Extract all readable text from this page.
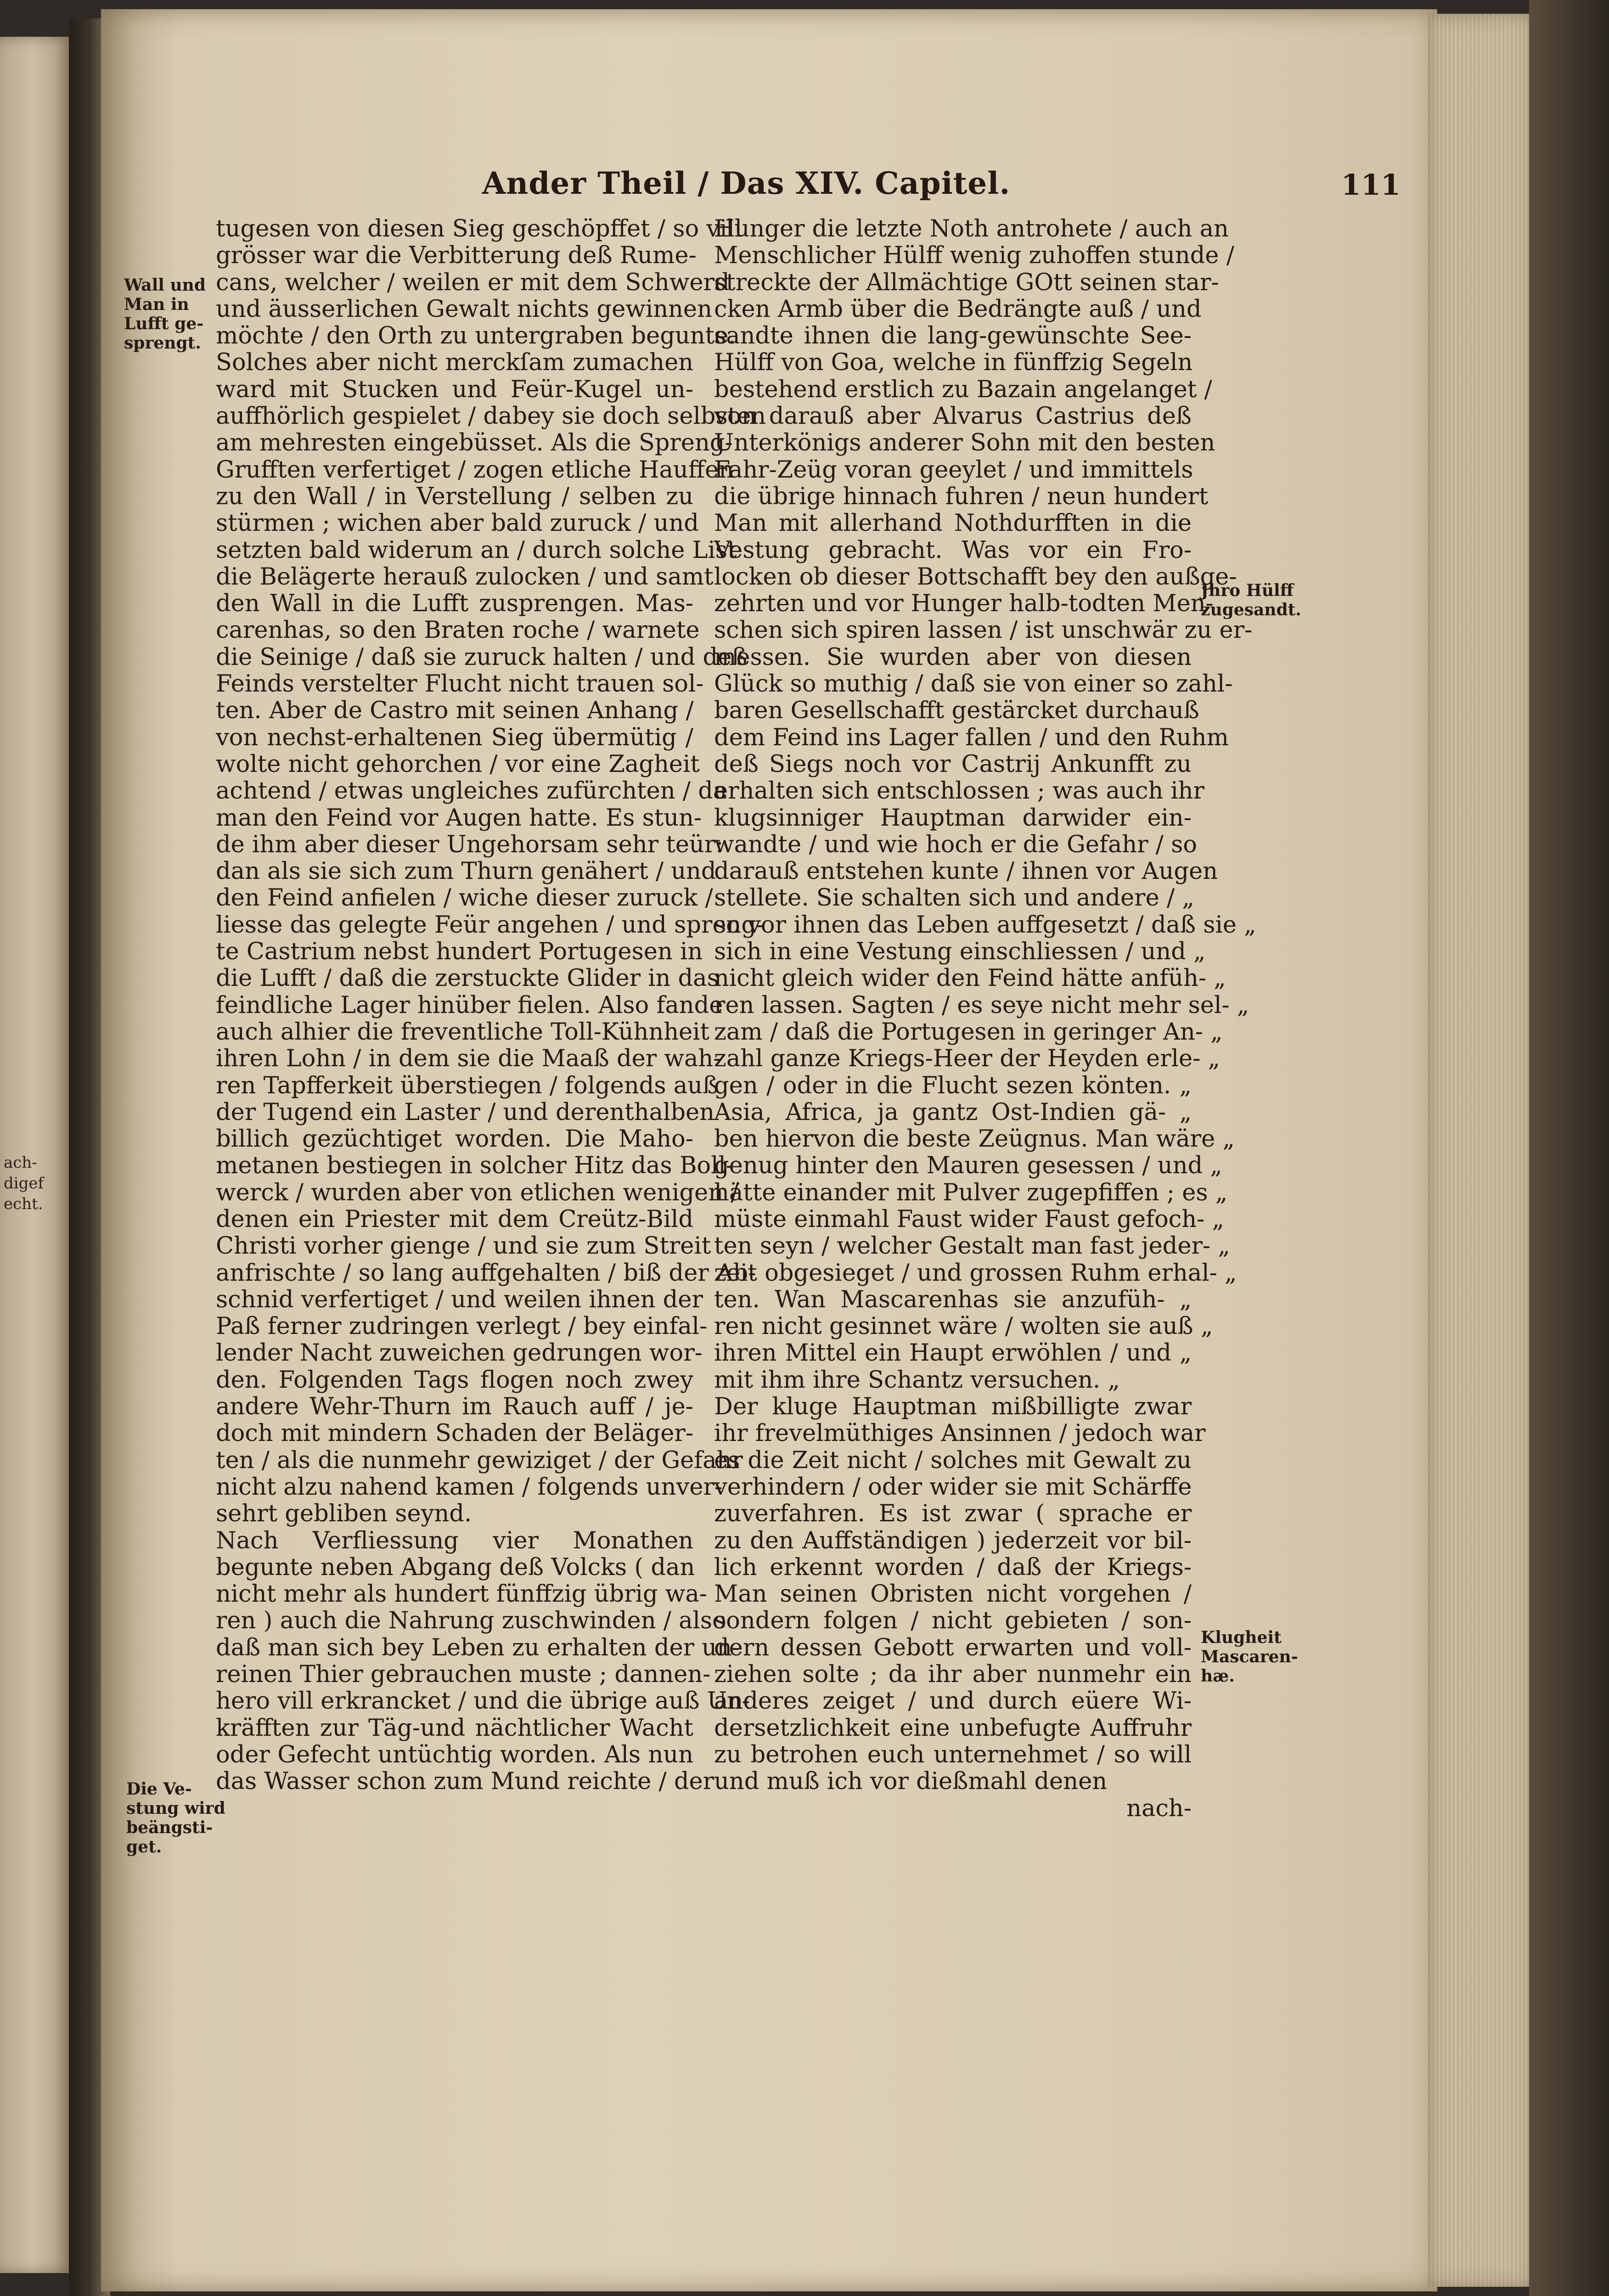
ach-
digef
echt.
Ander Theil / Das XIV. Capitel.	111
tugesen von diesen Sieg geschöpffet / so vill
grösser war die Verbitterung deß Rume-
cans, welcher / weilen er mit dem Schwerd
und äusserlichen Gewalt nichts gewinnen
möchte / den Orth zu untergraben begunte.
Solches aber nicht merckſam zumachen
ward mit Stucken und Feür-Kugel un-
auffhörlich gespielet / dabey sie doch selbsten
am mehresten eingebüsset. Als die Spreng-
Grufften verfertiget / zogen etliche Hauffen
zu den Wall / in Verstellung / selben zu
stürmen ; wichen aber bald zuruck / und
setzten bald widerum an / durch solche List
die Belägerte herauß zulocken / und samt
den Wall in die Lufft zusprengen. Mas-
carenhas, so den Braten roche / warnete
die Seinige / daß sie zuruck halten / und deß
Feinds verstelter Flucht nicht trauen sol-
ten. Aber de Castro mit seinen Anhang /
von nechst-erhaltenen Sieg übermütig /
wolte nicht gehorchen / vor eine Zagheit
achtend / etwas ungleiches zufürchten / da
man den Feind vor Augen hatte. Es stun-
de ihm aber dieser Ungehorsam sehr teür:
dan als sie sich zum Thurn genähert / und
den Feind anfielen / wiche dieser zuruck /
liesse das gelegte Feür angehen / und spreng-
te Castrium nebst hundert Portugesen in
die Lufft / daß die zerstuckte Glider in das
feindliche Lager hinüber fielen. Also fande
auch alhier die freventliche Toll-Kühnheit
ihren Lohn / in dem sie die Maaß der wah-
ren Tapfferkeit überstiegen / folgends auß
der Tugend ein Laster / und derenthalben
billich gezüchtiget worden. Die Maho-
metanen bestiegen in solcher Hitz das Boll-
werck / wurden aber von etlichen wenigen /
denen ein Priester mit dem Creütz-Bild
Christi vorher gienge / und sie zum Streit
anfrischte / so lang auffgehalten / biß der Ab-
schnid verfertiget / und weilen ihnen der
Paß ferner zudringen verlegt / bey einfal-
lender Nacht zuweichen gedrungen wor-
den. Folgenden Tags flogen noch zwey
andere Wehr-Thurn im Rauch auff / je-
doch mit mindern Schaden der Beläger-
ten / als die nunmehr gewiziget / der Gefahr
nicht alzu nahend kamen / folgends unver-
sehrt gebliben seynd.
Nach Verfliessung vier Monathen
begunte neben Abgang deß Volcks ( dan
nicht mehr als hundert fünffzig übrig wa-
ren ) auch die Nahrung zuschwinden / also
daß man sich bey Leben zu erhalten der un-
reinen Thier gebrauchen muste ; dannen-
hero vill erkrancket / und die übrige auß Un-
kräfften zur Täg-und nächtlicher Wacht
oder Gefecht untüchtig worden. Als nun
das Wasser schon zum Mund reichte / der
Hunger die letzte Noth antrohete / auch an
Menschlicher Hülff wenig zuhoffen stunde /
streckte der Allmächtige GOtt seinen star-
cken Armb über die Bedrängte auß / und
sandte ihnen die lang-gewünschte See-
Hülff von Goa, welche in fünffzig Segeln
bestehend erstlich zu Bazain angelanget /
von darauß aber Alvarus Castrius deß
Unterkönigs anderer Sohn mit den besten
Fahr-Zeüg voran geeylet / und immittels
die übrige hinnach fuhren / neun hundert
Man mit allerhand Nothdurfften in die
Vestung gebracht. Was vor ein Fro-
locken ob dieser Bottschafft bey den außge-
zehrten und vor Hunger halb-todten Men-
schen sich spiren lassen / ist unschwär zu er-
messen. Sie wurden aber von diesen
Glück so muthig / daß sie von einer so zahl-
baren Gesellschafft gestärcket durchauß
dem Feind ins Lager fallen / und den Ruhm
deß Siegs noch vor Castrij Ankunfft zu
erhalten sich entschlossen ; was auch ihr
klugsinniger Hauptman darwider ein-
wandte / und wie hoch er die Gefahr / so
darauß entstehen kunte / ihnen vor Augen
stellete. Sie schalten sich und andere / „
so vor ihnen das Leben auffgesetzt / daß sie „
sich in eine Vestung einschliessen / und „
nicht gleich wider den Feind hätte anfüh- „
ren lassen. Sagten / es seye nicht mehr sel- „
zam / daß die Portugesen in geringer An- „
zahl ganze Kriegs-Heer der Heyden erle- „
gen / oder in die Flucht sezen könten. „
Asia, Africa, ja gantz Ost-Indien gä- „
ben hiervon die beste Zeügnus. Man wäre „
genug hinter den Mauren gesessen / und „
hätte einander mit Pulver zugepfiffen ; es „
müste einmahl Faust wider Faust gefoch- „
ten seyn / welcher Gestalt man fast jeder- „
zeit obgesieget / und grossen Ruhm erhal- „
ten. Wan Mascarenhas sie anzufüh- „
ren nicht gesinnet wäre / wolten sie auß „
ihren Mittel ein Haupt erwöhlen / und „
mit ihm ihre Schantz versuchen. „
Der kluge Hauptman mißbilligte zwar
ihr frevelmüthiges Ansinnen / jedoch war
es die Zeit nicht / solches mit Gewalt zu
verhindern / oder wider sie mit Schärffe
zuverfahren. Es ist zwar ( sprache er
zu den Auffständigen ) jederzeit vor bil-
lich erkennt worden / daß der Kriegs-
Man seinen Obristen nicht vorgehen /
sondern folgen / nicht gebieten / son-
dern dessen Gebott erwarten und voll-
ziehen solte ; da ihr aber nunmehr ein
anderes zeiget / und durch eüere Wi-
dersetzlichkeit eine unbefugte Auffruhr
zu betrohen euch unternehmet / so will
und muß ich vor dießmahl denen
nach-
Wall und
Man in
Lufft ge-
sprengt.
Die Ve-
stung wird
beängsti-
get.
Jhro Hülff
zugesandt.
Klugheit
Mascaren-
hæ.
